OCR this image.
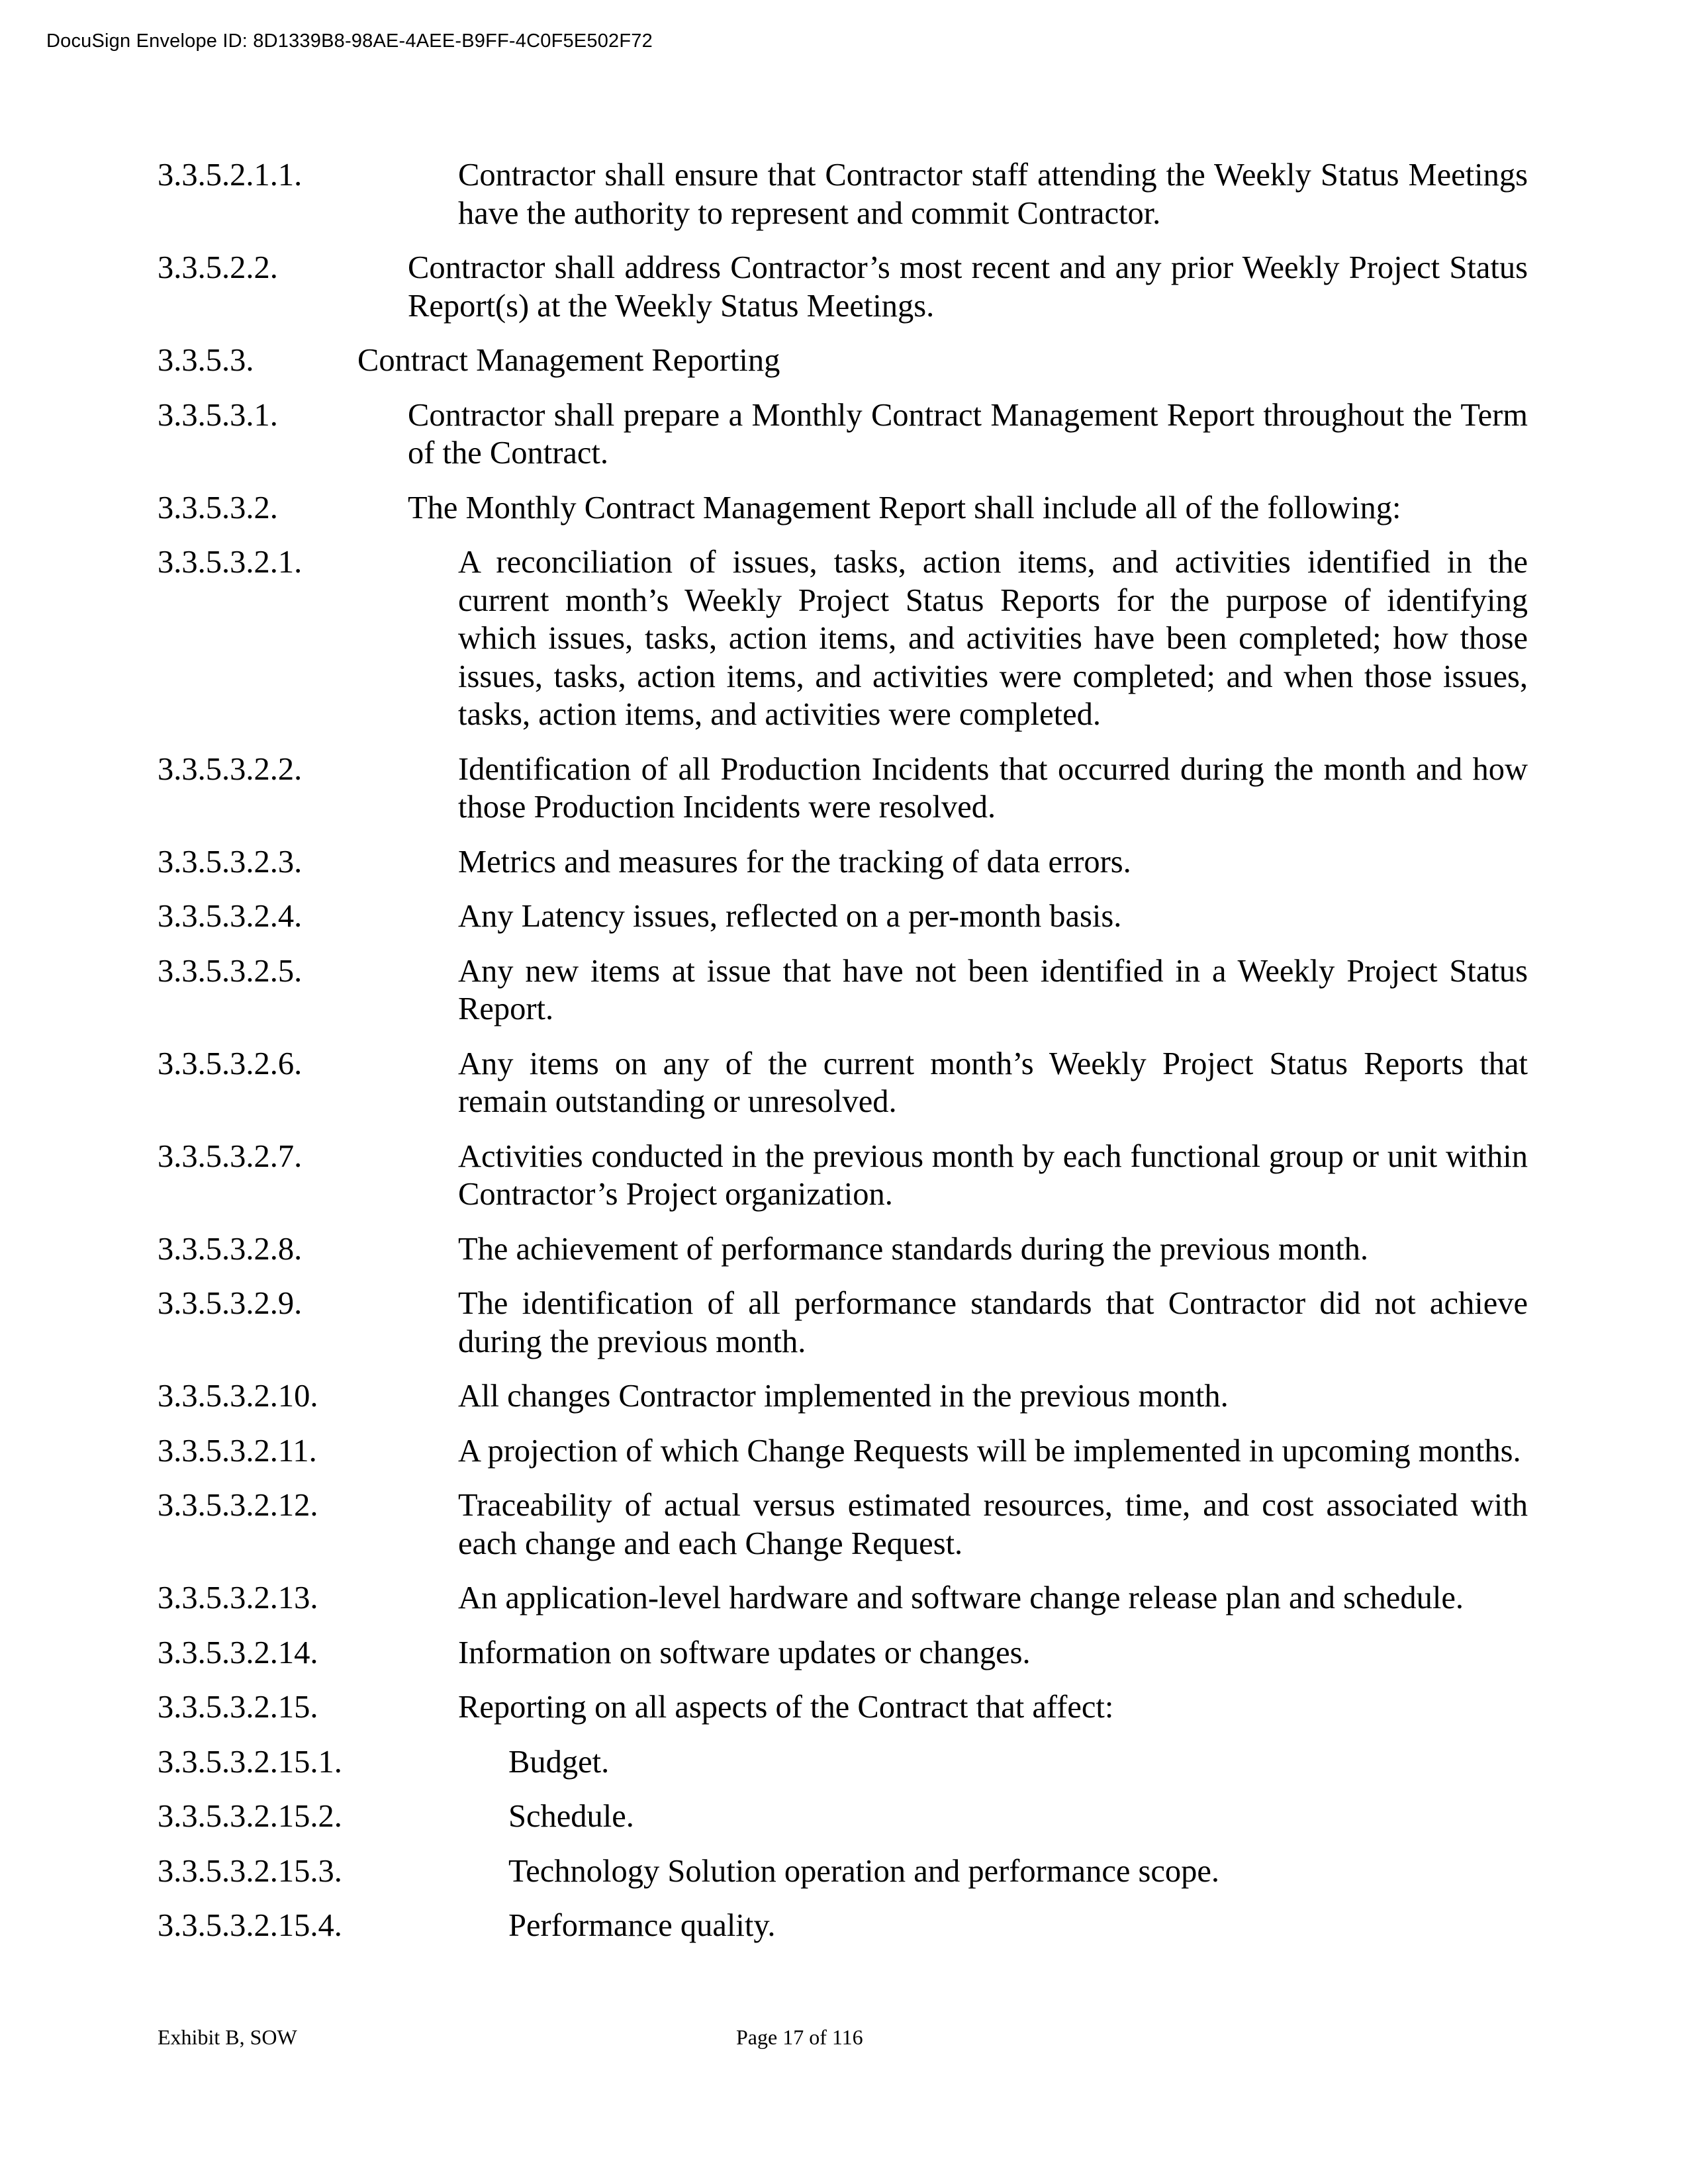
DocuSign Envelope ID: 8D1339B8-98AE-4AEE-B9FF-4C0F5E502F72
3.3.5.2.1.1.	Contractor shall ensure that Contractor staff attending the Weekly Status Meetings have the authority to represent and commit Contractor.
3.3.5.2.2.	Contractor shall address Contractor’s most recent and any prior Weekly Project Status Report(s) at the Weekly Status Meetings.
3.3.5.3.	Contract Management Reporting
3.3.5.3.1.	Contractor shall prepare a Monthly Contract Management Report throughout the Term of the Contract.
3.3.5.3.2.	The Monthly Contract Management Report shall include all of the following:
3.3.5.3.2.1.	A reconciliation of issues, tasks, action items, and activities identified in the current month’s Weekly Project Status Reports for the purpose of identifying which issues, tasks, action items, and activities have been completed; how those issues, tasks, action items, and activities were completed; and when those issues, tasks, action items, and activities were completed.
3.3.5.3.2.2.	Identification of all Production Incidents that occurred during the month and how those Production Incidents were resolved.
3.3.5.3.2.3.	Metrics and measures for the tracking of data errors.
3.3.5.3.2.4.	Any Latency issues, reflected on a per-month basis.
3.3.5.3.2.5.	Any new items at issue that have not been identified in a Weekly Project Status Report.
3.3.5.3.2.6.	Any items on any of the current month’s Weekly Project Status Reports that remain outstanding or unresolved.
3.3.5.3.2.7.	Activities conducted in the previous month by each functional group or unit within Contractor’s Project organization.
3.3.5.3.2.8.	The achievement of performance standards during the previous month.
3.3.5.3.2.9.	The identification of all performance standards that Contractor did not achieve during the previous month.
3.3.5.3.2.10.	All changes Contractor implemented in the previous month.
3.3.5.3.2.11.	A projection of which Change Requests will be implemented in upcoming months.
3.3.5.3.2.12.	Traceability of actual versus estimated resources, time, and cost associated with each change and each Change Request.
3.3.5.3.2.13.	An application-level hardware and software change release plan and schedule.
3.3.5.3.2.14.	Information on software updates or changes.
3.3.5.3.2.15.	Reporting on all aspects of the Contract that affect:
3.3.5.3.2.15.1.	Budget.
3.3.5.3.2.15.2.	Schedule.
3.3.5.3.2.15.3.	Technology Solution operation and performance scope.
3.3.5.3.2.15.4.	Performance quality.
Exhibit B, SOW	Page 17 of 116
